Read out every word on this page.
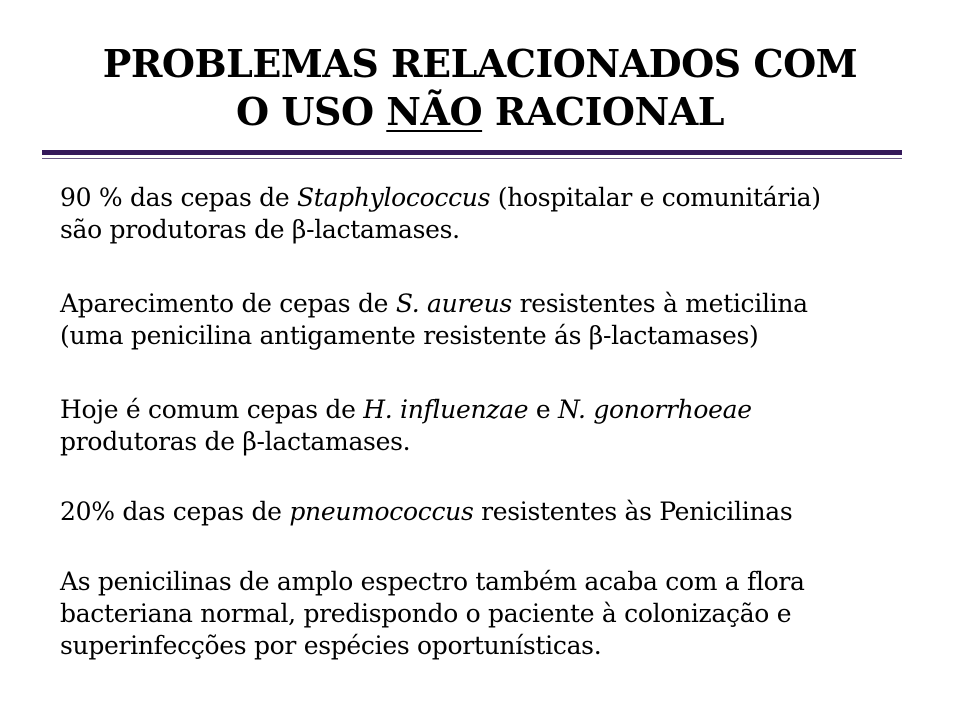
PROBLEMAS RELACIONADOS COM
O USO NÃO RACIONAL
90 % das cepas de Staphylococcus (hospitalar e comunitária)
são produtoras de β-lactamases.
Aparecimento de cepas de S. aureus resistentes à meticilina
(uma penicilina antigamente resistente ás β-lactamases)
Hoje é comum cepas de H. influenzae e N. gonorrhoeae
produtoras de β-lactamases.
20% das cepas de pneumococcus resistentes às Penicilinas
As penicilinas de amplo espectro também acaba com a flora
bacteriana normal, predispondo o paciente à colonização e
superinfecções por espécies oportunísticas.
